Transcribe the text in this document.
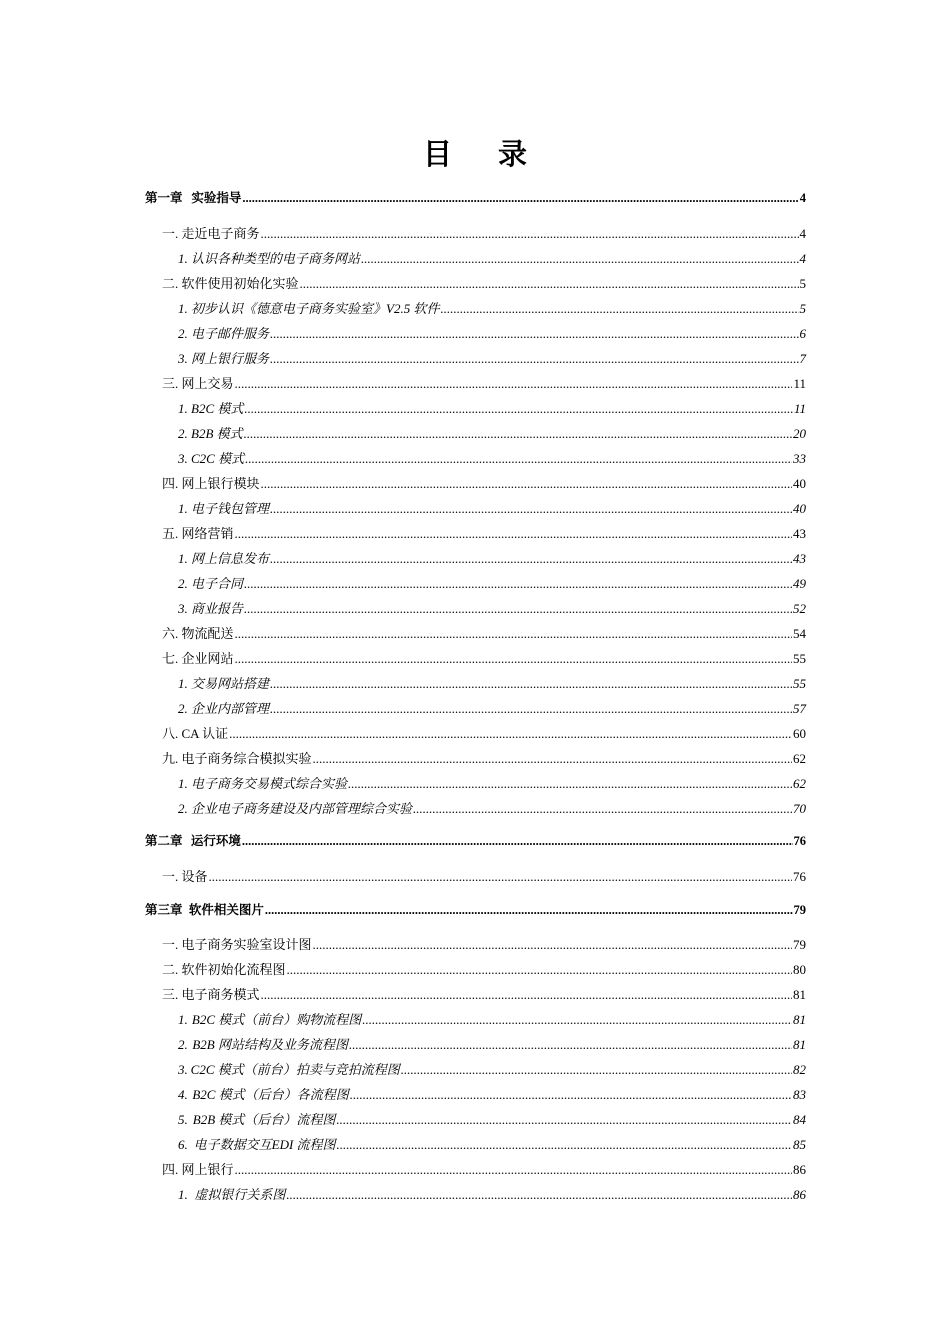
目 录
第一章 实验指导 .....	4
一. 走近电子商务 .....	4
1. 认识各种类型的电子商务网站 .....	4
二. 软件使用初始化实验 .....	5
1. 初步认识《德意电子商务实验室》V2.5 软件 .....	5
2. 电子邮件服务 .....	6
3. 网上银行服务 .....	7
三. 网上交易 .....	11
1. B2C 模式 .....	11
2. B2B 模式 .....	20
3. C2C 模式 .....	33
四. 网上银行模块 .....	40
1. 电子钱包管理 .....	40
五. 网络营销 .....	43
1. 网上信息发布 .....	43
2. 电子合同 .....	49
3. 商业报告 .....	52
六. 物流配送 .....	54
七. 企业网站 .....	55
1. 交易网站搭建 .....	55
2. 企业内部管理 .....	57
八. CA 认证 .....	60
九. 电子商务综合模拟实验 .....	62
1. 电子商务交易模式综合实验 .....	62
2. 企业电子商务建设及内部管理综合实验 .....	70
第二章 运行环境 .....	76
一. 设备 .....	76
第三章 软件相关图片 .....	79
一. 电子商务实验室设计图 .....	79
二. 软件初始化流程图 .....	80
三. 电子商务模式 .....	81
1. B2C 模式（前台）购物流程图 .....	81
2. B2B 网站结构及业务流程图 .....	81
3. C2C 模式（前台）拍卖与竞拍流程图 .....	82
4. B2C 模式（后台）各流程图 .....	83
5. B2B 模式（后台）流程图 .....	84
6. 电子数据交互EDI 流程图 .....	85
四. 网上银行 .....	86
1. 虚拟银行关系图 .....	86
